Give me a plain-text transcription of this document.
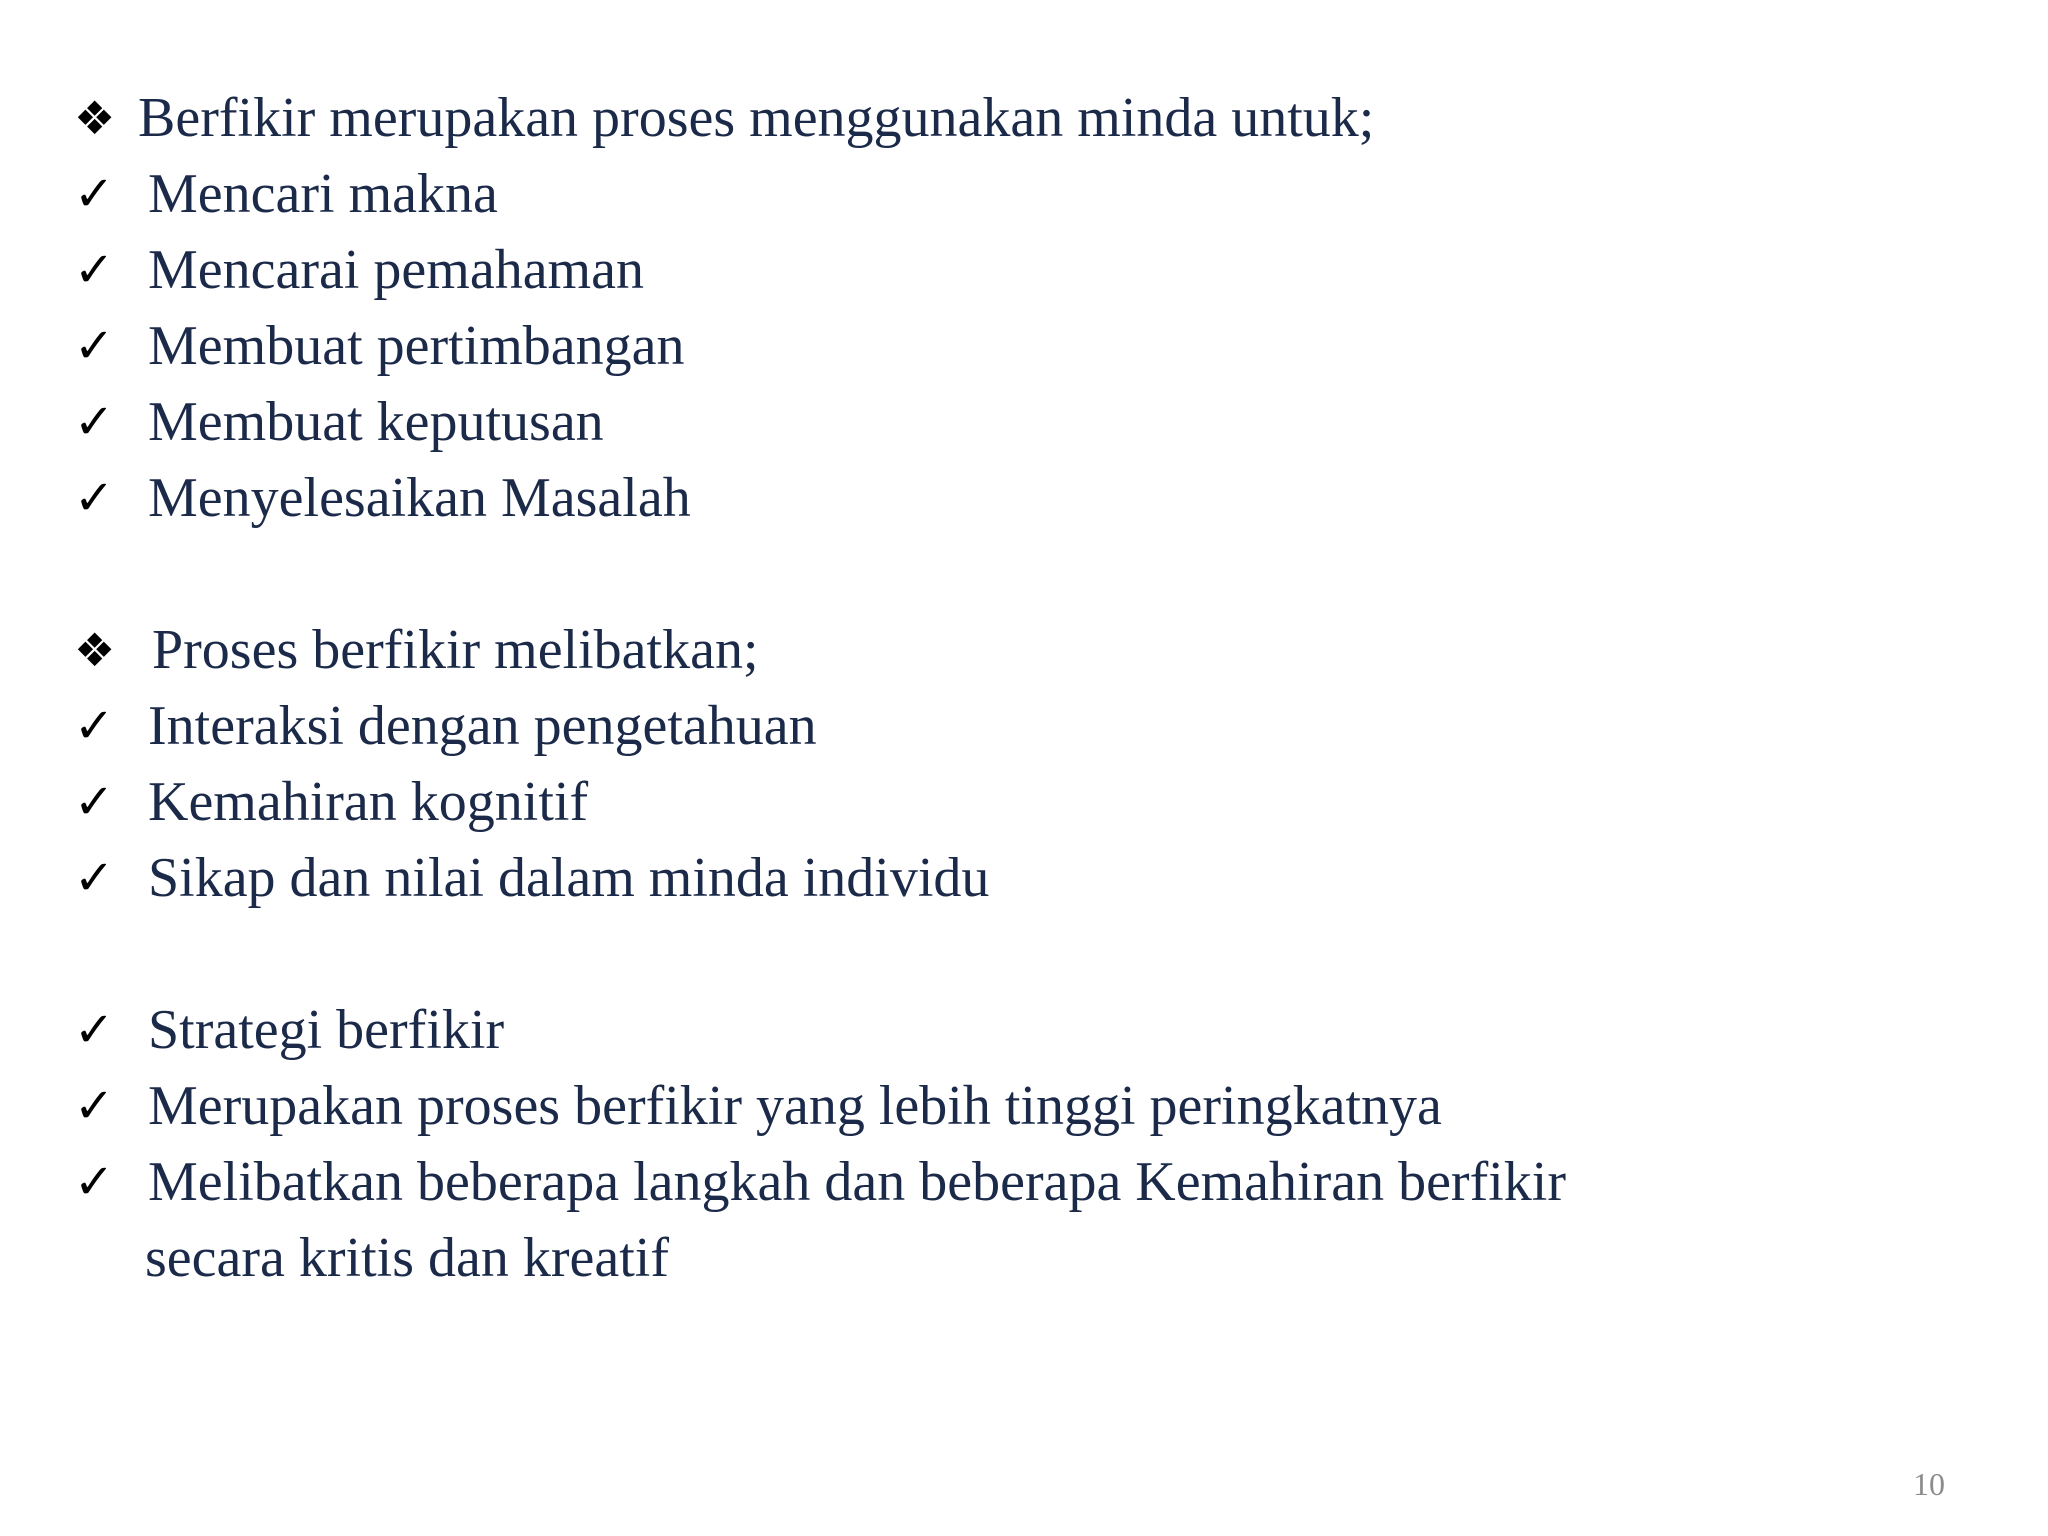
❖ Berfikir merupakan proses menggunakan minda untuk;
✓ Mencari makna
✓ Mencarai pemahaman
✓ Membuat pertimbangan
✓ Membuat keputusan
✓ Menyelesaikan Masalah
❖ Proses berfikir melibatkan;
✓ Interaksi dengan pengetahuan
✓ Kemahiran kognitif
✓ Sikap dan nilai dalam minda individu
✓ Strategi berfikir
✓ Merupakan proses berfikir yang lebih tinggi peringkatnya
✓ Melibatkan beberapa langkah dan beberapa Kemahiran berfikir
secara kritis dan kreatif
10
